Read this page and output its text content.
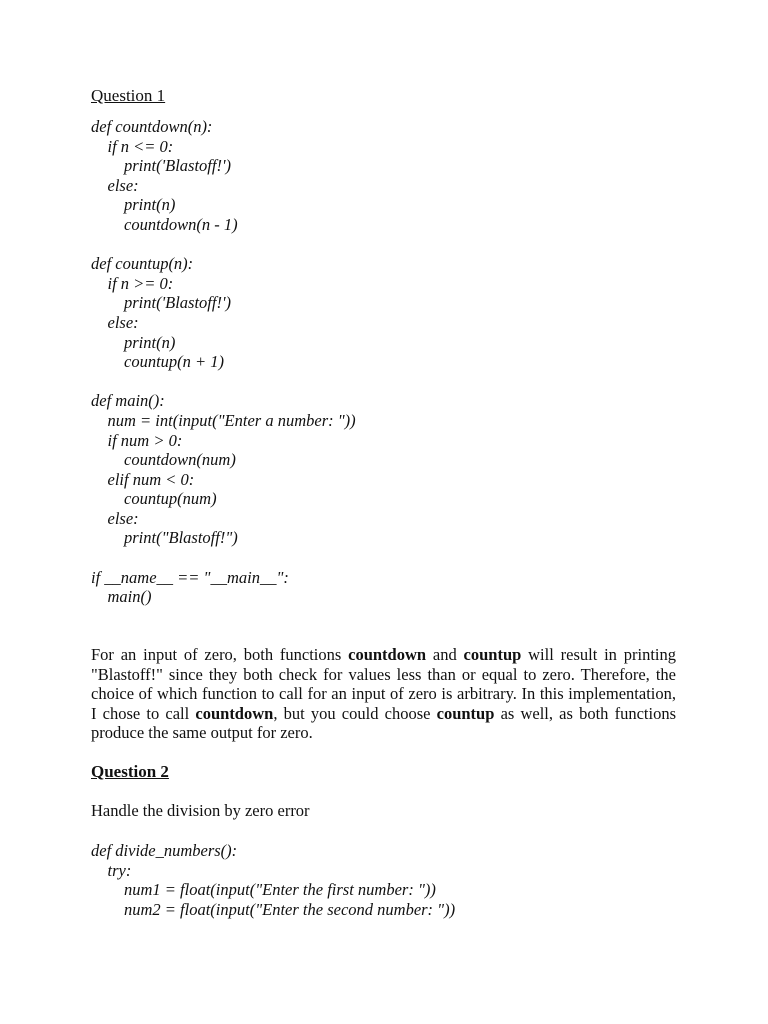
Question 1
def countdown(n):
if n <= 0:
print('Blastoff!')
else:
print(n)
countdown(n - 1)
def countup(n):
if n >= 0:
print('Blastoff!')
else:
print(n)
countup(n + 1)
def main():
num = int(input("Enter a number: "))
if num > 0:
countdown(num)
elif num < 0:
countup(num)
else:
print("Blastoff!")
if __name__ == "__main__":
main()

For an input of zero, both functions countdown and countup will result in printing "Blastoff!" since they both check for values less than or equal to zero. Therefore, the choice of which function to call for an input of zero is arbitrary. In this implementation, I chose to call countdown, but you could choose countup as well, as both functions produce the same output for zero.

Question 2

Handle the division by zero error

def divide_numbers():
try:
num1 = float(input("Enter the first number: "))
num2 = float(input("Enter the second number: "))
